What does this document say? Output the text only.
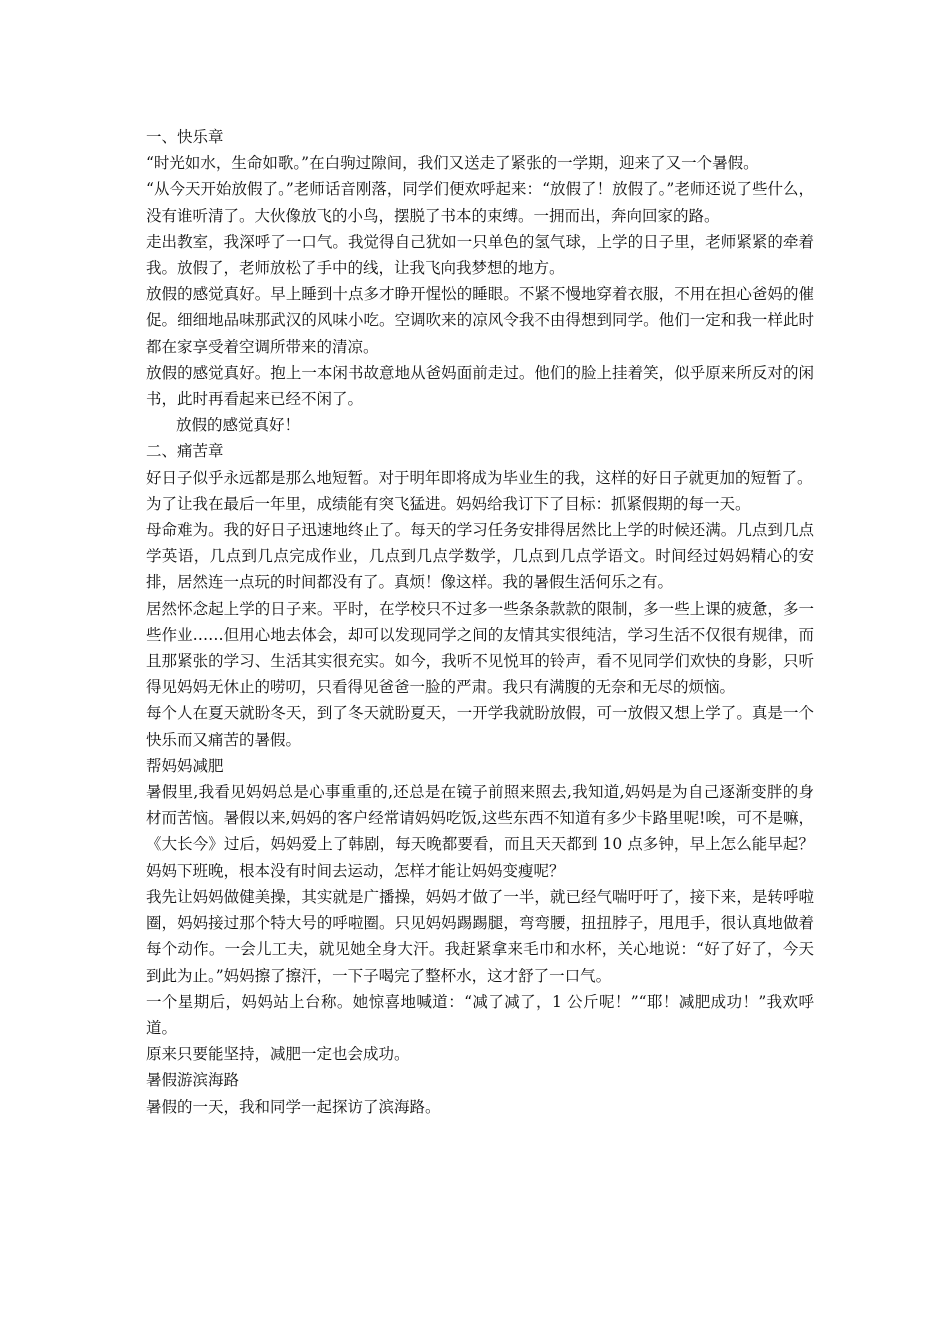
一、快乐章

“时光如水，生命如歌。”在白驹过隙间，我们又送走了紧张的一学期，迎来了又一个暑假。

“从今天开始放假了。”老师话音刚落，同学们便欢呼起来：“放假了！放假了。”老师还说了些什么，没有谁听清了。大伙像放飞的小鸟，摆脱了书本的束缚。一拥而出，奔向回家的路。

走出教室，我深呼了一口气。我觉得自己犹如一只单色的氢气球，上学的日子里，老师紧紧的牵着我。放假了，老师放松了手中的线，让我飞向我梦想的地方。

放假的感觉真好。早上睡到十点多才睁开惺忪的睡眼。不紧不慢地穿着衣服，不用在担心爸妈的催促。细细地品味那武汉的风味小吃。空调吹来的凉风令我不由得想到同学。他们一定和我一样此时都在家享受着空调所带来的清凉。

放假的感觉真好。抱上一本闲书故意地从爸妈面前走过。他们的脸上挂着笑，似乎原来所反对的闲书，此时再看起来已经不闲了。

放假的感觉真好！

二、痛苦章

好日子似乎永远都是那么地短暂。对于明年即将成为毕业生的我，这样的好日子就更加的短暂了。

为了让我在最后一年里，成绩能有突飞猛进。妈妈给我订下了目标：抓紧假期的每一天。

母命难为。我的好日子迅速地终止了。每天的学习任务安排得居然比上学的时候还满。几点到几点学英语，几点到几点完成作业，几点到几点学数学，几点到几点学语文。时间经过妈妈精心的安排，居然连一点玩的时间都没有了。真烦！像这样。我的暑假生活何乐之有。

居然怀念起上学的日子来。平时，在学校只不过多一些条条款款的限制，多一些上课的疲惫，多一些作业……但用心地去体会，却可以发现同学之间的友情其实很纯洁，学习生活不仅很有规律，而且那紧张的学习、生活其实很充实。如今，我听不见悦耳的铃声，看不见同学们欢快的身影，只听得见妈妈无休止的唠叨，只看得见爸爸一脸的严肃。我只有满腹的无奈和无尽的烦恼。

每个人在夏天就盼冬天，到了冬天就盼夏天，一开学我就盼放假，可一放假又想上学了。真是一个快乐而又痛苦的暑假。

帮妈妈减肥

暑假里,我看见妈妈总是心事重重的,还总是在镜子前照来照去,我知道,妈妈是为自己逐渐变胖的身材而苦恼。暑假以来,妈妈的客户经常请妈妈吃饭,这些东西不知道有多少卡路里呢!唉，可不是嘛，《大长今》过后，妈妈爱上了韩剧，每天晚都要看，而且天天都到 10 点多钟，早上怎么能早起？妈妈下班晚，根本没有时间去运动，怎样才能让妈妈变瘦呢？

我先让妈妈做健美操，其实就是广播操，妈妈才做了一半，就已经气喘吁吁了，接下来，是转呼啦圈，妈妈接过那个特大号的呼啦圈。只见妈妈踢踢腿，弯弯腰，扭扭脖子，甩甩手，很认真地做着每个动作。一会儿工夫，就见她全身大汗。我赶紧拿来毛巾和水杯，关心地说：“好了好了，今天到此为止。”妈妈擦了擦汗，一下子喝完了整杯水，这才舒了一口气。

一个星期后，妈妈站上台称。她惊喜地喊道：“减了减了，1 公斤呢！”“耶！减肥成功！”我欢呼道。

原来只要能坚持，减肥一定也会成功。

暑假游滨海路

暑假的一天，我和同学一起探访了滨海路。
